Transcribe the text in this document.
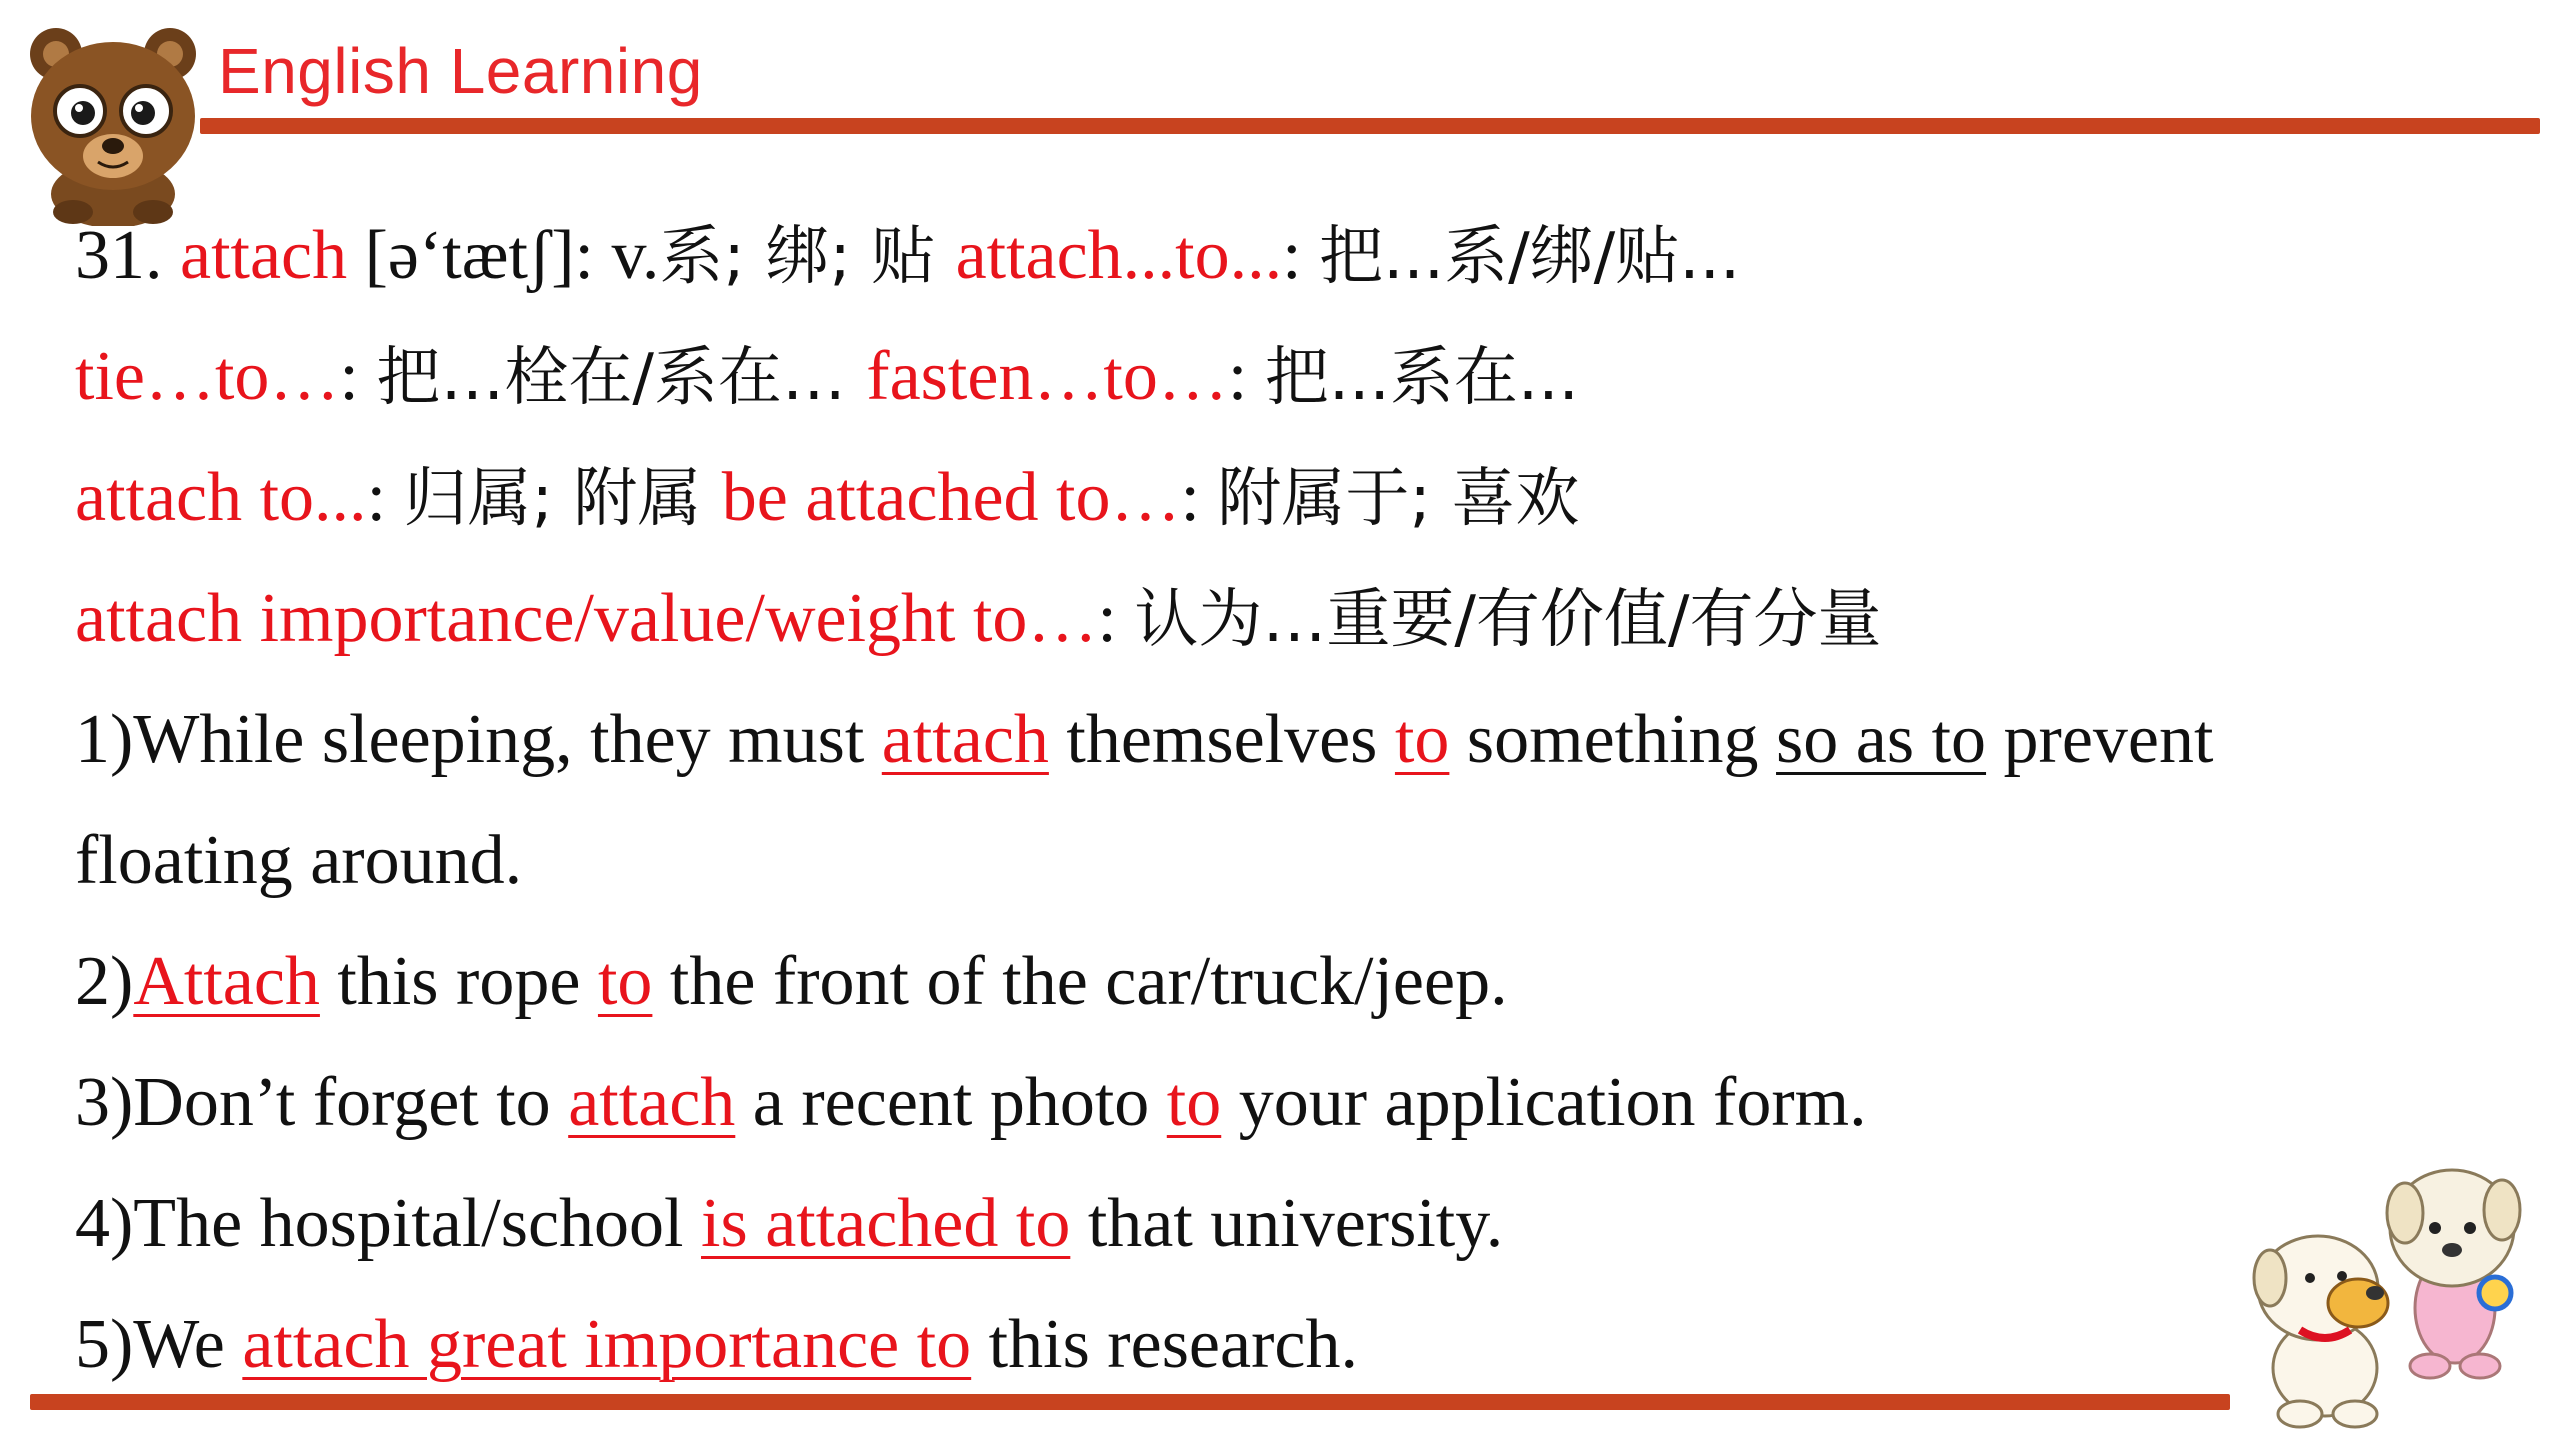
English Learning
31. attach [ə‘tætʃ]: v.系; 绑; 贴 attach...to...: 把...系/绑/贴...
tie…to…: 把…栓在/系在… fasten…to…: 把...系在...
attach to...: 归属; 附属 be attached to…: 附属于; 喜欢
attach importance/value/weight to…: 认为…重要/有价值/有分量
1)While sleeping, they must attach themselves to something so as to prevent
floating around.
2)Attach this rope to the front of the car/truck/jeep.
3)Don’t forget to attach a recent photo to your application form.
4)The hospital/school is attached to that university.
5)We attach great importance to this research.
